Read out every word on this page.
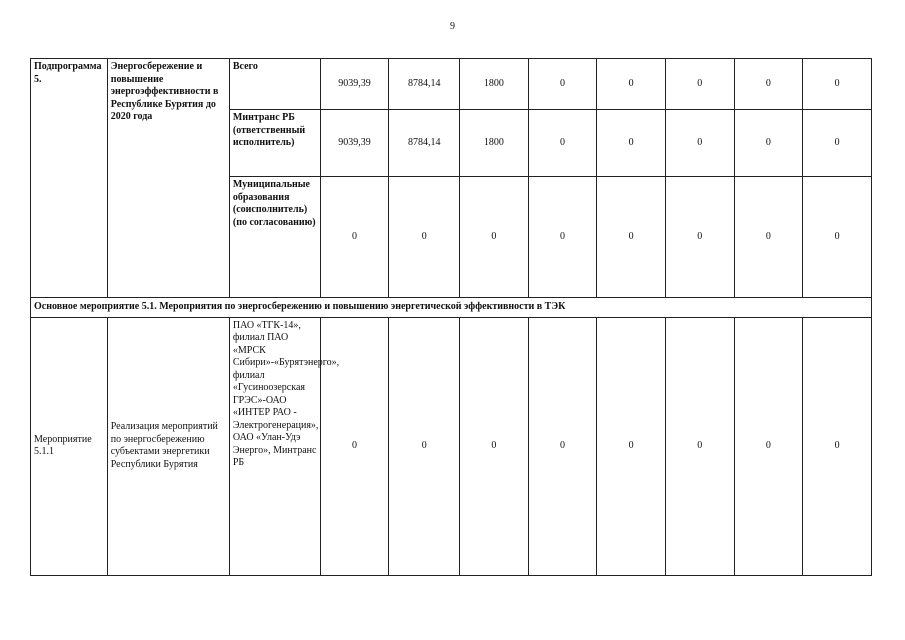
9
Подпрограмма 5.	Энергосбережение и повышение энергоэффективности в Республике Бурятия до 2020 года	Всего	9039,39	8784,14	1800	0	0	0	0	0
		Минтранс РБ (ответственный исполнитель)	9039,39	8784,14	1800	0	0	0	0	0
		Муниципальные образования (соисполнитель) (по согласованию)	0	0	0	0	0	0	0	0
Основное мероприятие 5.1. Мероприятия по энергосбережению и повышению энергетической эффективности в ТЭК										
Мероприятие 5.1.1	Реализация мероприятий по энергосбережению субъектами энергетики Республики Бурятия	ПАО «ТГК-14», филиал ПАО «МРСК Сибири»-«Бурятэнерго», филиал «Гусиноозерская ГРЭС»-ОАО «ИНТЕР РАО - Электрогенерация», ОАО «Улан-Удэ Энерго», Минтранс РБ	0	0	0	0	0	0	0	0
